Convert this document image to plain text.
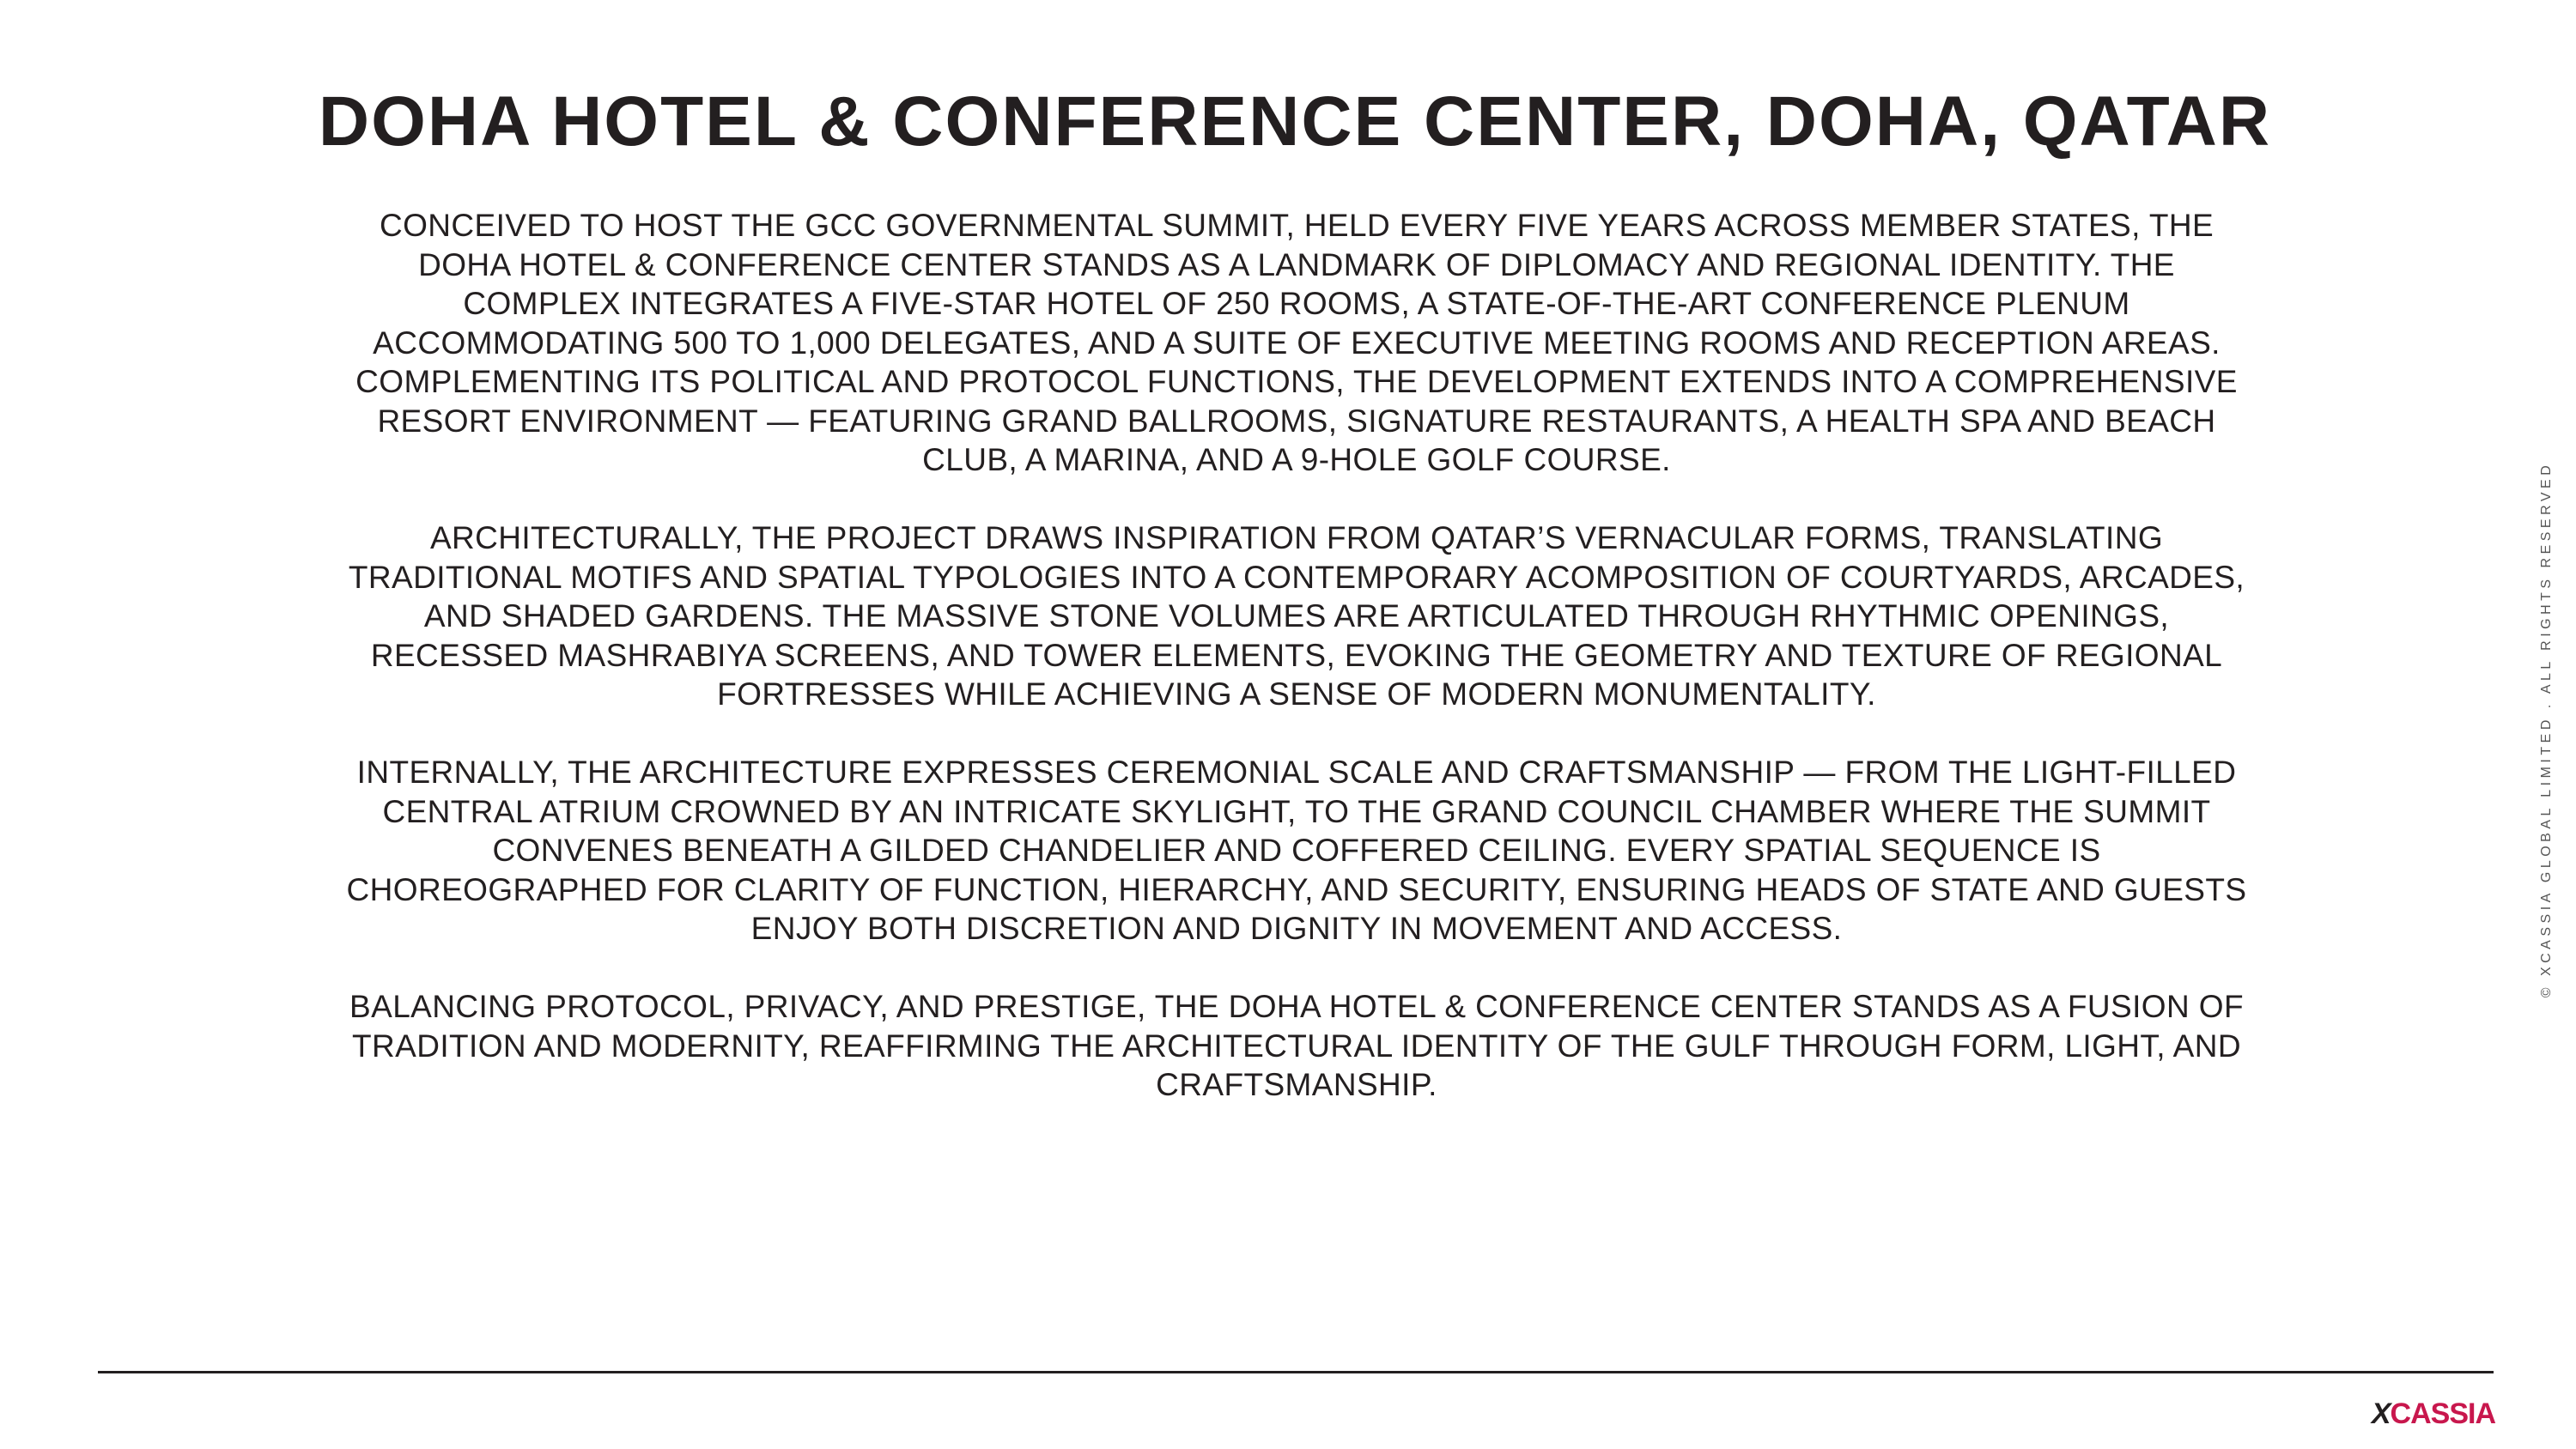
DOHA HOTEL & CONFERENCE CENTER, DOHA, QATAR

CONCEIVED TO HOST THE GCC GOVERNMENTAL SUMMIT, HELD EVERY FIVE YEARS ACROSS MEMBER STATES, THE DOHA HOTEL & CONFERENCE CENTER STANDS AS A LANDMARK OF DIPLOMACY AND REGIONAL IDENTITY. THE COMPLEX INTEGRATES A FIVE-STAR HOTEL OF 250 ROOMS, A STATE-OF-THE-ART CONFERENCE PLENUM ACCOMMODATING 500 TO 1,000 DELEGATES, AND A SUITE OF EXECUTIVE MEETING ROOMS AND RECEPTION AREAS. COMPLEMENTING ITS POLITICAL AND PROTOCOL FUNCTIONS, THE DEVELOPMENT EXTENDS INTO A COMPREHENSIVE RESORT ENVIRONMENT — FEATURING GRAND BALLROOMS, SIGNATURE RESTAURANTS, A HEALTH SPA AND BEACH CLUB, A MARINA, AND A 9-HOLE GOLF COURSE.

ARCHITECTURALLY, THE PROJECT DRAWS INSPIRATION FROM QATAR’S VERNACULAR FORMS, TRANSLATING TRADITIONAL MOTIFS AND SPATIAL TYPOLOGIES INTO A CONTEMPORARY ACOMPOSITION OF COURTYARDS, ARCADES, AND SHADED GARDENS. THE MASSIVE STONE VOLUMES ARE ARTICULATED THROUGH RHYTHMIC OPENINGS, RECESSED MASHRABIYA SCREENS, AND TOWER ELEMENTS, EVOKING THE GEOMETRY AND TEXTURE OF REGIONAL FORTRESSES WHILE ACHIEVING A SENSE OF MODERN MONUMENTALITY.

INTERNALLY, THE ARCHITECTURE EXPRESSES CEREMONIAL SCALE AND CRAFTSMANSHIP — FROM THE LIGHT-FILLED CENTRAL ATRIUM CROWNED BY AN INTRICATE SKYLIGHT, TO THE GRAND COUNCIL CHAMBER WHERE THE SUMMIT CONVENES BENEATH A GILDED CHANDELIER AND COFFERED CEILING. EVERY SPATIAL SEQUENCE IS CHOREOGRAPHED FOR CLARITY OF FUNCTION, HIERARCHY, AND SECURITY, ENSURING HEADS OF STATE AND GUESTS ENJOY BOTH DISCRETION AND DIGNITY IN MOVEMENT AND ACCESS.

BALANCING PROTOCOL, PRIVACY, AND PRESTIGE, THE DOHA HOTEL & CONFERENCE CENTER STANDS AS A FUSION OF TRADITION AND MODERNITY, REAFFIRMING THE ARCHITECTURAL IDENTITY OF THE GULF THROUGH FORM, LIGHT, AND CRAFTSMANSHIP.

© XCASSIA GLOBAL LIMITED . ALL RIGHTS RESERVED
XCASSIA
